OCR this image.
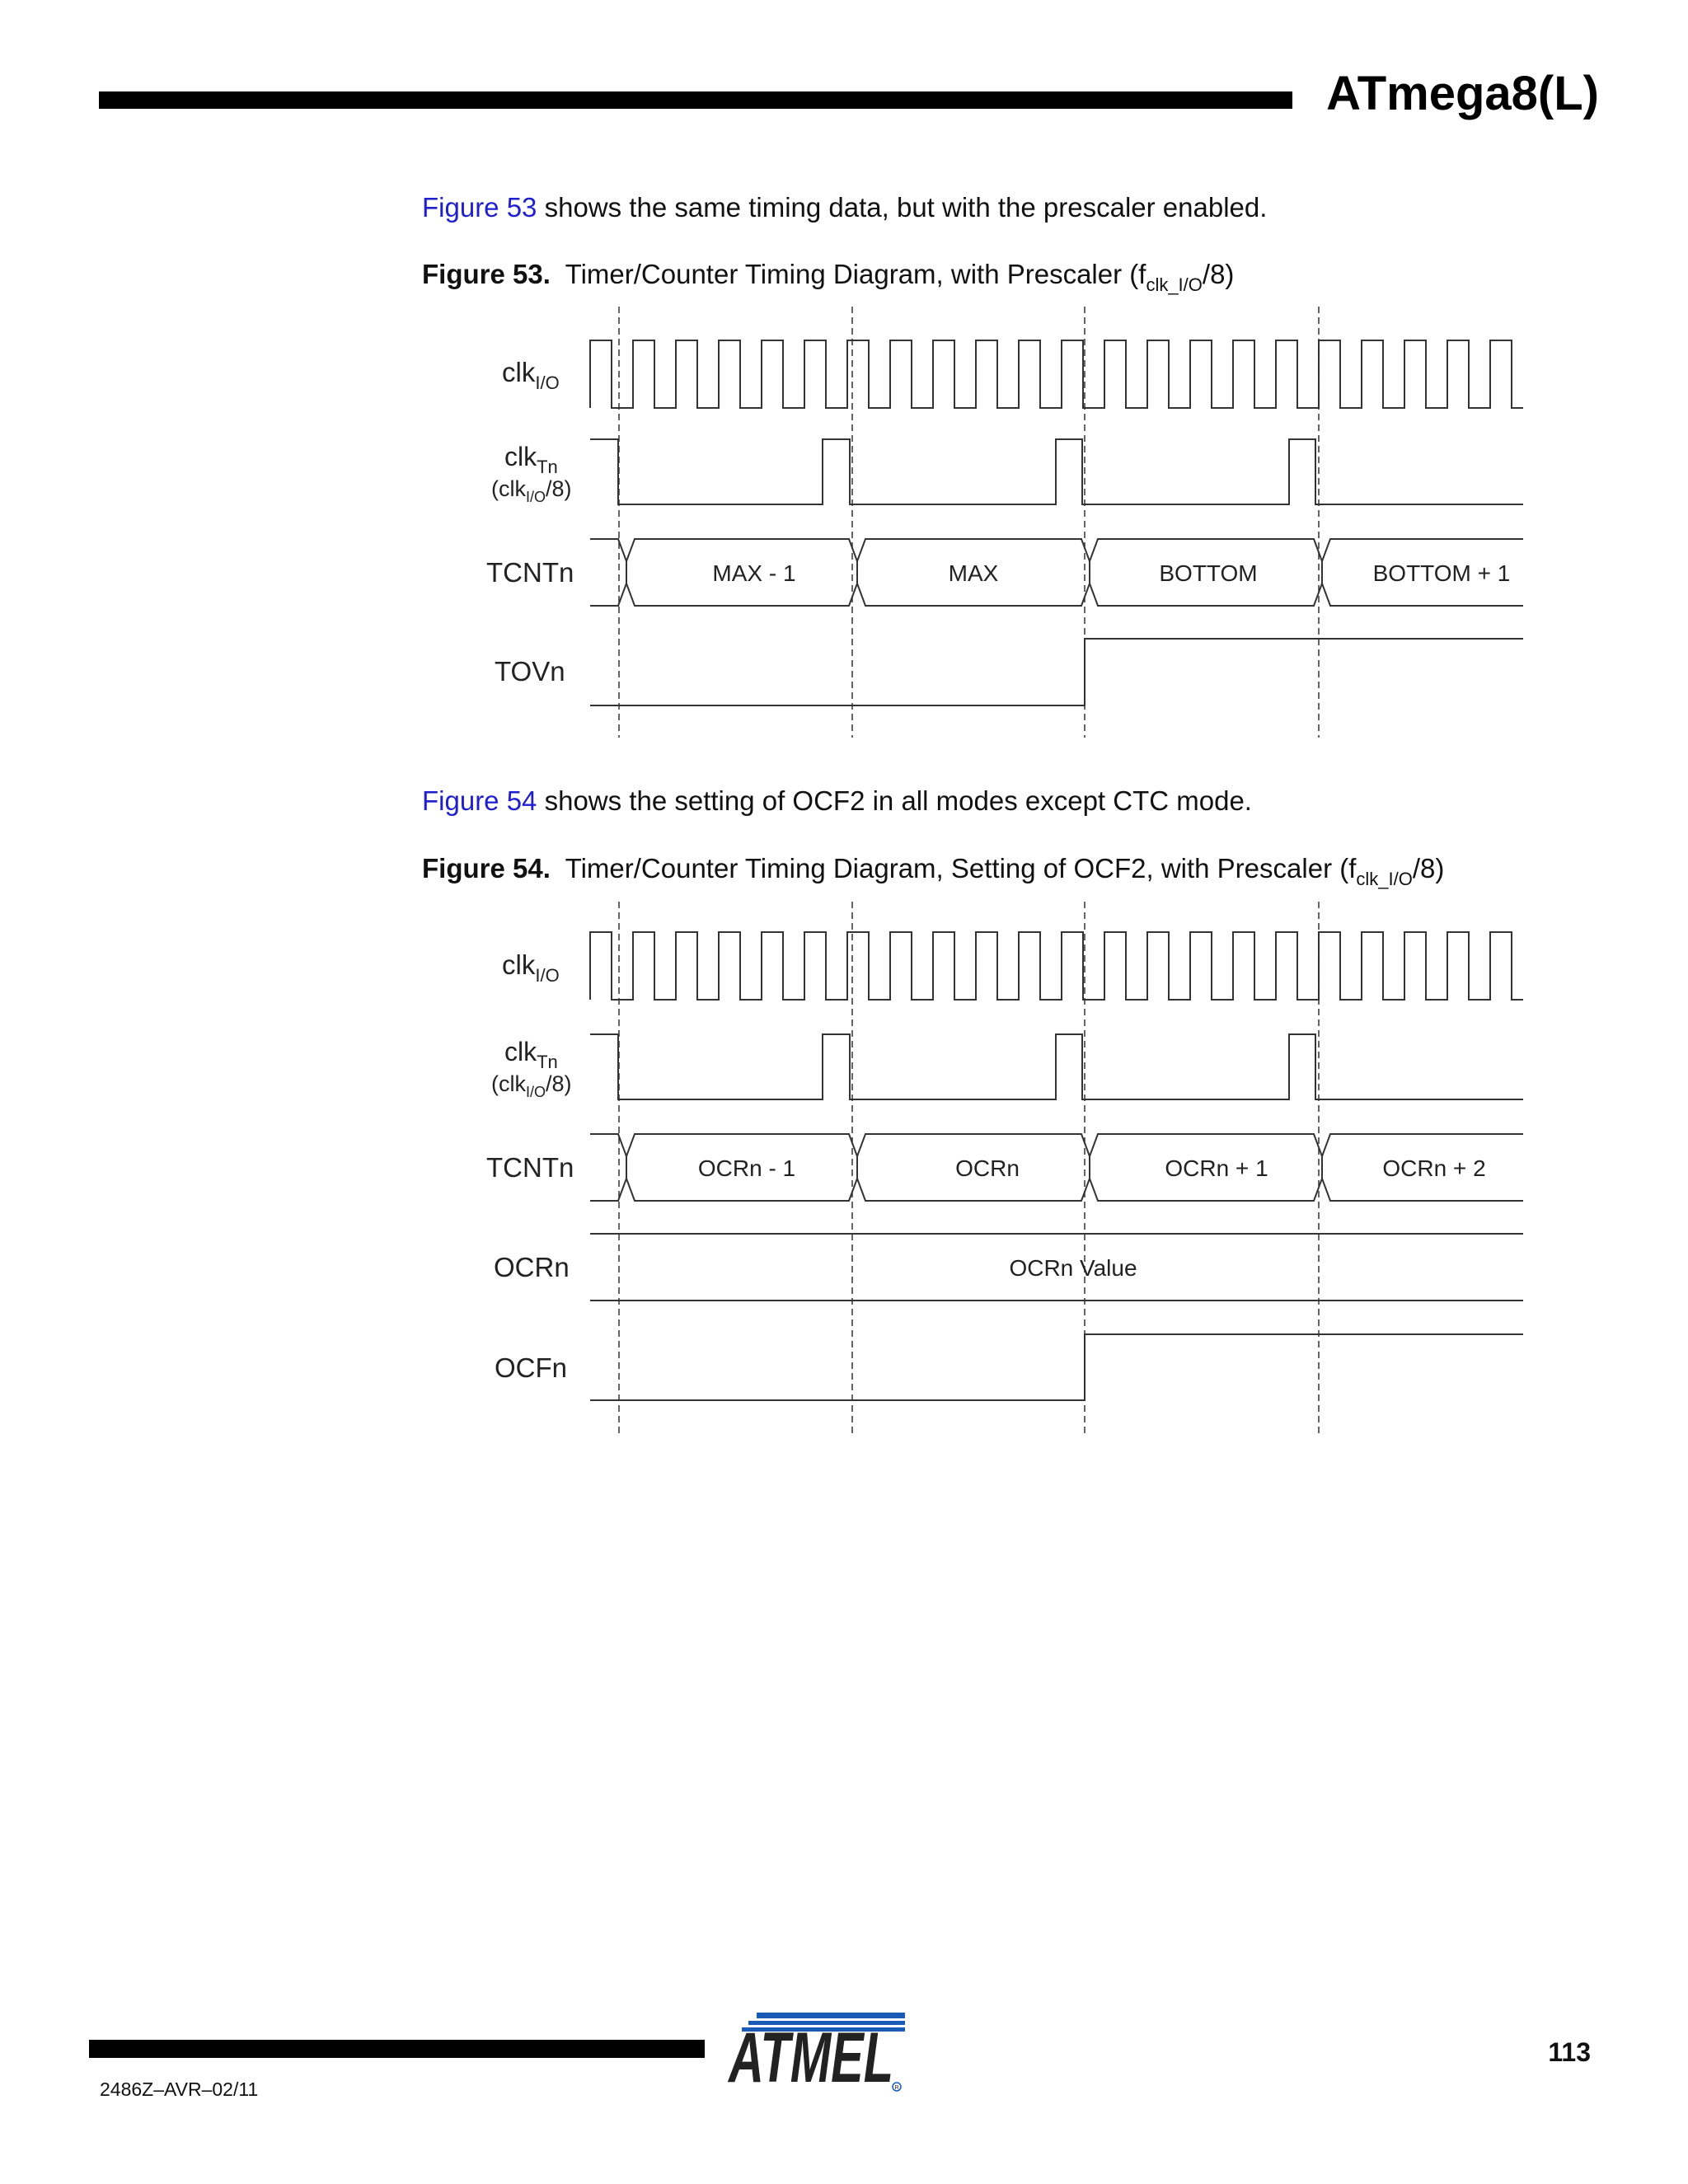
ATmega8(L)
Figure 53 shows the same timing data, but with the prescaler enabled.
Figure 53. Timer/Counter Timing Diagram, with Prescaler $(f_{clk\_I/O}/8)$
clk$_{I/O}$
clk$_{Tn}$
(clk$_{I/O}$/8)
TCNTn
TOVn
MAX - 1	MAX	BOTTOM	BOTTOM + 1
Figure 54 shows the setting of OCF2 in all modes except CTC mode.
Figure 54. Timer/Counter Timing Diagram, Setting of OCF2, with Prescaler $(f_{clk\_I/O}/8)$
clk$_{I/O}$
clk$_{Tn}$
(clk$_{I/O}$/8)
TCNTn
OCRn
OCFn
OCRn - 1	OCRn	OCRn + 1	OCRn + 2
OCRn Value
2486Z–AVR–02/11	ATMEL R
113
